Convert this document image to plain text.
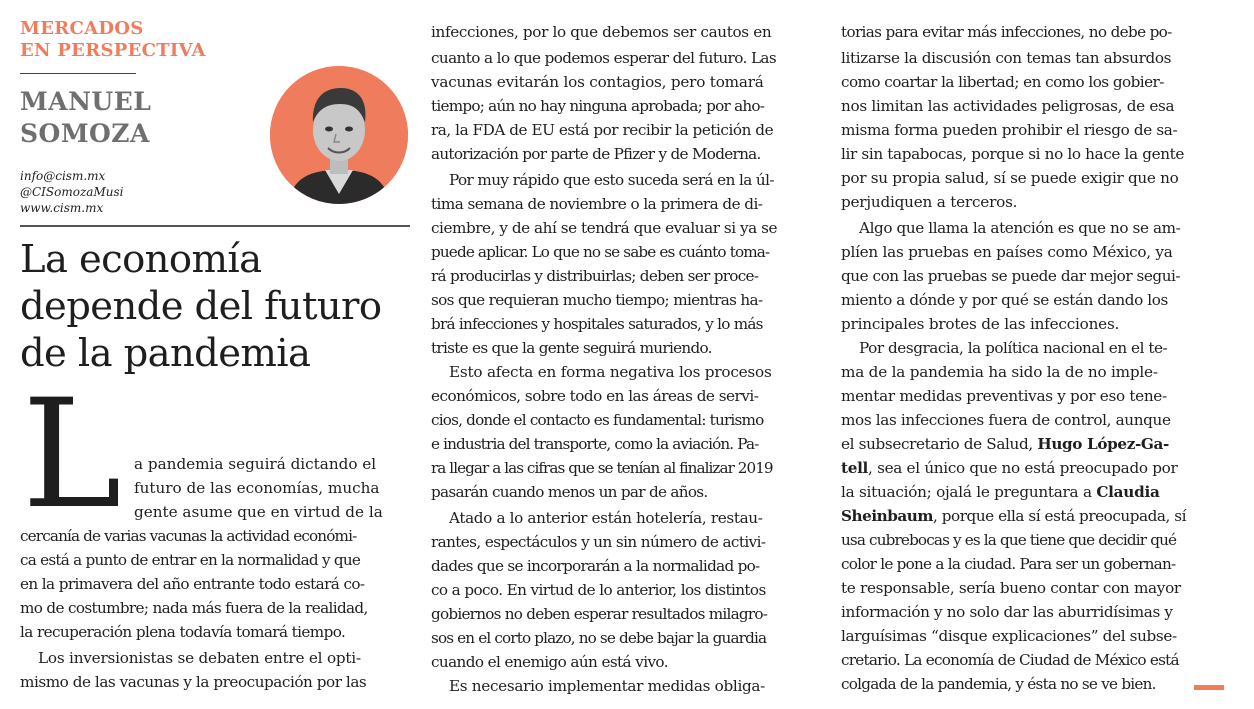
MERCADOS
EN PERSPECTIVA
MANUEL
SOMOZA
info@cism.mx
@CISomozaMusi
www.cism.mx
La economía
depende del futuro
de la pandemia
L a pandemia seguirá dictando el
futuro de las economías, mucha
gente asume que en virtud de la
cercanía de varias vacunas la actividad económi-
ca está a punto de entrar en la normalidad y que
en la primavera del año entrante todo estará co-
mo de costumbre; nada más fuera de la realidad,
la recuperación plena todavía tomará tiempo.
Los inversionistas se debaten entre el opti-
mismo de las vacunas y la preocupación por las
infecciones, por lo que debemos ser cautos en
cuanto a lo que podemos esperar del futuro. Las
vacunas evitarán los contagios, pero tomará
tiempo; aún no hay ninguna aprobada; por aho-
ra, la FDA de EU está por recibir la petición de
autorización por parte de Pfizer y de Moderna.
Por muy rápido que esto suceda será en la úl-
tima semana de noviembre o la primera de di-
ciembre, y de ahí se tendrá que evaluar si ya se
puede aplicar. Lo que no se sabe es cuánto toma-
rá producirlas y distribuirlas; deben ser proce-
sos que requieran mucho tiempo; mientras ha-
brá infecciones y hospitales saturados, y lo más
triste es que la gente seguirá muriendo.
Esto afecta en forma negativa los procesos
económicos, sobre todo en las áreas de servi-
cios, donde el contacto es fundamental: turismo
e industria del transporte, como la aviación. Pa-
ra llegar a las cifras que se tenían al finalizar 2019
pasarán cuando menos un par de años.
Atado a lo anterior están hotelería, restau-
rantes, espectáculos y un sin número de activi-
dades que se incorporarán a la normalidad po-
co a poco. En virtud de lo anterior, los distintos
gobiernos no deben esperar resultados milagro-
sos en el corto plazo, no se debe bajar la guardia
cuando el enemigo aún está vivo.
Es necesario implementar medidas obliga-
torias para evitar más infecciones, no debe po-
litizarse la discusión con temas tan absurdos
como coartar la libertad; en como los gobier-
nos limitan las actividades peligrosas, de esa
misma forma pueden prohibir el riesgo de sa-
lir sin tapabocas, porque si no lo hace la gente
por su propia salud, sí se puede exigir que no
perjudiquen a terceros.
Algo que llama la atención es que no se am-
plíen las pruebas en países como México, ya
que con las pruebas se puede dar mejor segui-
miento a dónde y por qué se están dando los
principales brotes de las infecciones.
Por desgracia, la política nacional en el te-
ma de la pandemia ha sido la de no imple-
mentar medidas preventivas y por eso tene-
mos las infecciones fuera de control, aunque
el subsecretario de Salud, Hugo López-Ga-
tell, sea el único que no está preocupado por
la situación; ojalá le preguntara a Claudia
Sheinbaum, porque ella sí está preocupada, sí
usa cubrebocas y es la que tiene que decidir qué
color le pone a la ciudad. Para ser un gobernan-
te responsable, sería bueno contar con mayor
información y no solo dar las aburridísimas y
larguísimas “disque explicaciones” del subse-
cretario. La economía de Ciudad de México está
colgada de la pandemia, y ésta no se ve bien.
